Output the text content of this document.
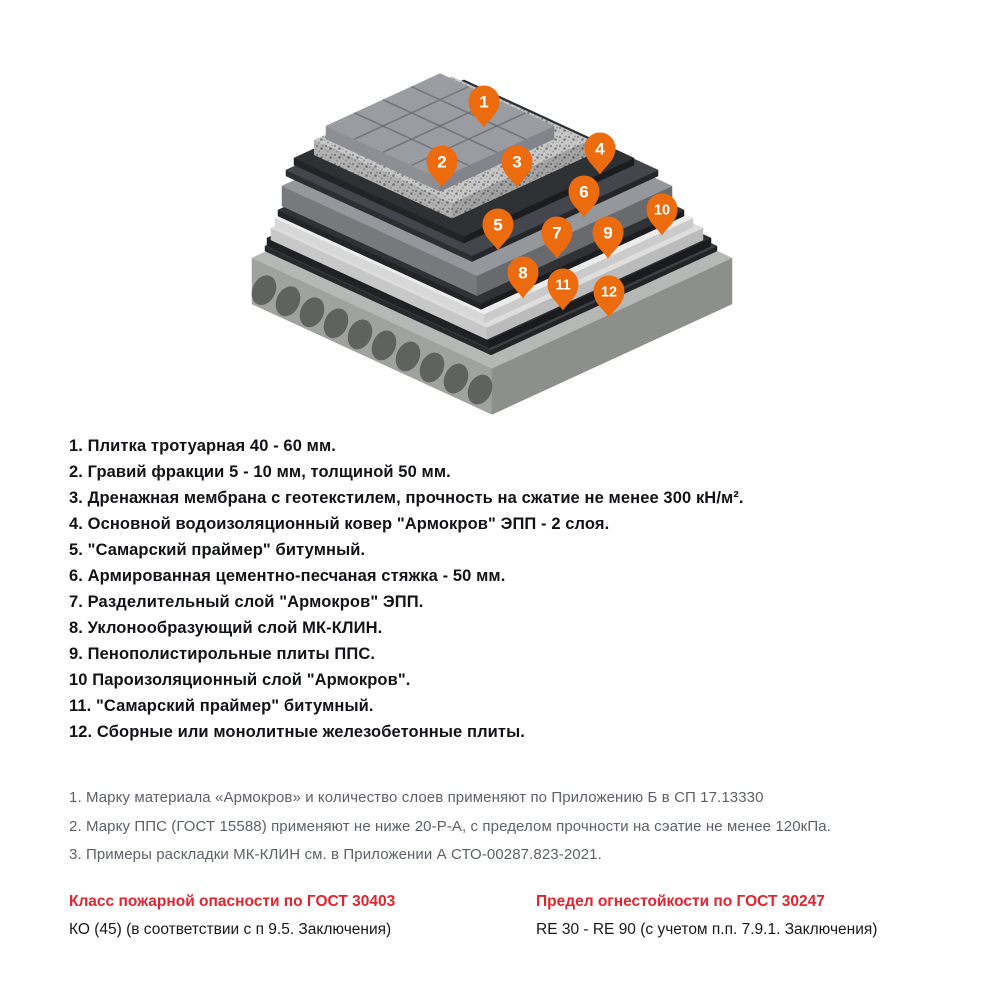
1
2	3
4
5
6
7
8
9
10
11 12
1. Плитка тротуарная 40 - 60 мм.
2. Гравий фракции 5 - 10 мм, толщиной 50 мм.
3. Дренажная мембрана с геотекстилем, прочность на сжатие не менее 300 кН/м².
4. Основной водоизоляционный ковер "Армокров" ЭПП - 2 слоя.
5. "Самарский праймер" битумный.
6. Армированная цементно-песчаная стяжка - 50 мм.
7. Разделительный слой "Армокров" ЭПП.
8. Уклонообразующий слой МК-КЛИН.
9. Пенополистирольные плиты ППС.
10 Пароизоляционный слой "Армокров".
11. "Самарский праймер" битумный.
12. Сборные или монолитные железобетонные плиты.
1. Марку материала «Армокров» и количество слоев применяют по Приложению Б в СП 17.13330
2. Марку ППС (ГОСТ 15588) применяют не ниже 20-Р-А, с пределом прочности на сэатие не менее 120кПа.
3. Примеры раскладки МК-КЛИН см. в Приложении А СТО-00287.823-2021.
Класс пожарной опасности по ГОСТ 30403
КО (45) (в соответствии с п 9.5. Заключения)
Предел огнестойкости по ГОСТ 30247
RE 30 - RE 90 (с учетом п.п. 7.9.1. Заключения)
